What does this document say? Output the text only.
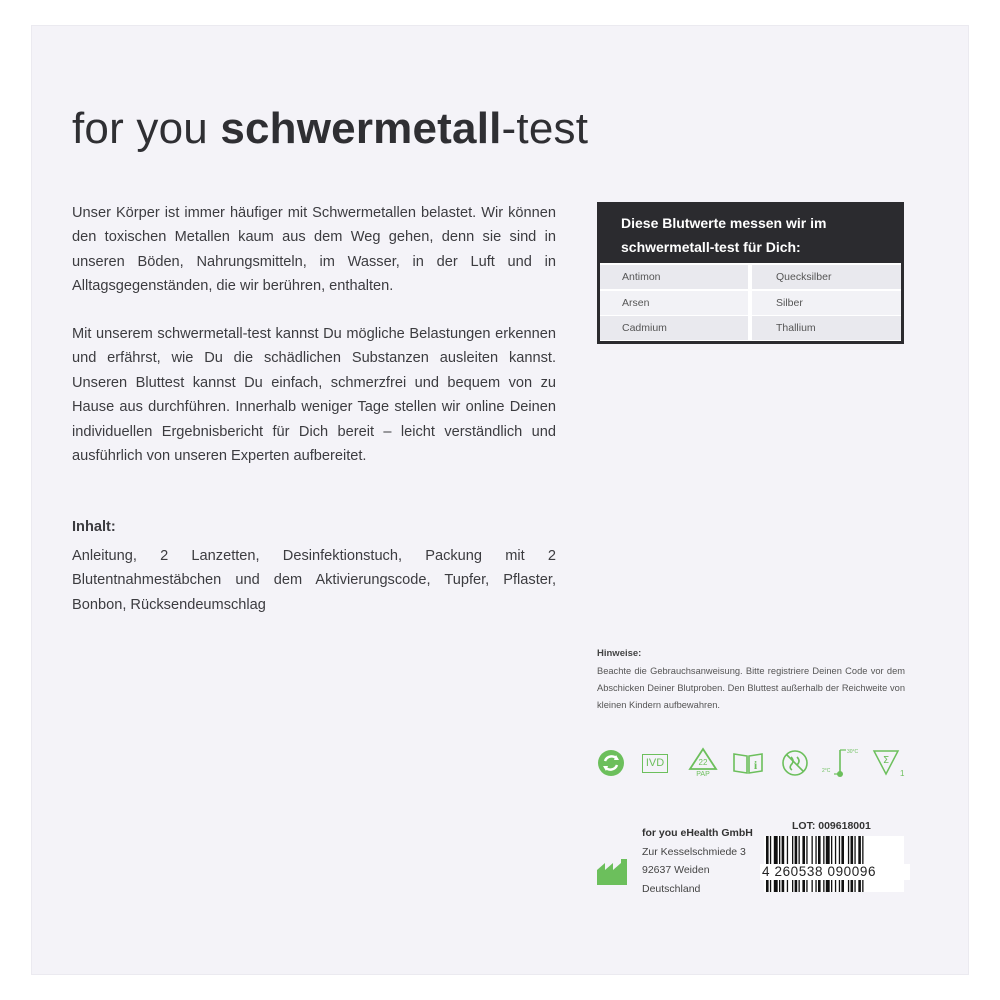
for you schwermetall-test

Unser Körper ist immer häufiger mit Schwermetallen belastet. Wir können den toxischen Metallen kaum aus dem Weg gehen, denn sie sind in unseren Böden, Nahrungsmitteln, im Wasser, in der Luft und in Alltagsgegenständen, die wir berühren, enthalten.

Mit unserem schwermetall-test kannst Du mögliche Belastungen erkennen und erfährst, wie Du die schädlichen Substanzen ausleiten kannst. Unseren Bluttest kannst Du einfach, schmerzfrei und bequem von zu Hause aus durchführen. Innerhalb weniger Tage stellen wir online Deinen individuellen Ergebnisbericht für Dich bereit – leicht verständlich und ausführlich von unseren Experten aufbereitet.

Inhalt:

Anleitung, 2 Lanzetten, Desinfektionstuch, Packung mit 2 Blutentnahmestäbchen und dem Aktivierungscode, Tupfer, Pflaster, Bonbon, Rücksendeumschlag

Diese Blutwerte messen wir im schwermetall-test für Dich:
Antimon	Quecksilber
Arsen	Silber
Cadmium	Thallium
Hinweise:

Beachte die Gebrauchsanweisung. Bitte registriere Deinen Code vor dem Abschicken Deiner Blutproben. Den Bluttest außerhalb der Reichweite von kleinen Kindern aufbewahren.

IVD	22
PAP
i
30°C
2°C
Σ
1
LOT: 009618001
4 260538 090096
for you eHealth GmbH
Zur Kesselschmiede 3
92637 Weiden
Deutschland
